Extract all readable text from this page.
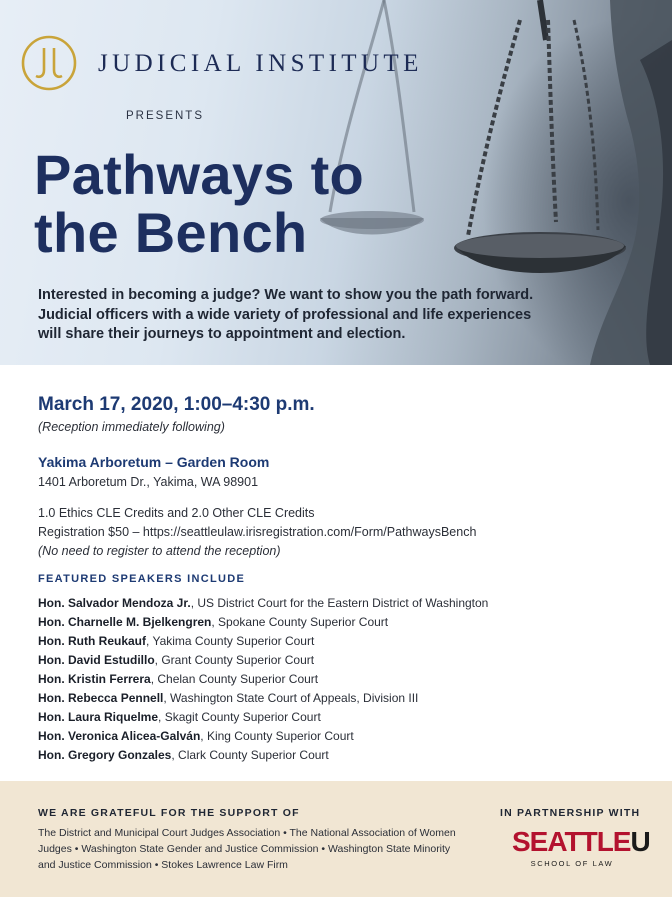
JUDICIAL INSTITUTE
PRESENTS
Pathways to
the Bench

Interested in becoming a judge? We want to show you the path forward. Judicial officers with a wide variety of professional and life experiences will share their journeys to appointment and election.

March 17, 2020, 1:00–4:30 p.m.
(Reception immediately following)
Yakima Arboretum – Garden Room
1401 Arboretum Dr., Yakima, WA 98901
1.0 Ethics CLE Credits and 2.0 Other CLE Credits
Registration $50 – https://seattleulaw.irisregistration.com/Form/PathwaysBench
(No need to register to attend the reception)
FEATURED SPEAKERS INCLUDE
Hon. Salvador Mendoza Jr., US District Court for the Eastern District of Washington
Hon. Charnelle M. Bjelkengren, Spokane County Superior Court
Hon. Ruth Reukauf, Yakima County Superior Court
Hon. David Estudillo, Grant County Superior Court
Hon. Kristin Ferrera, Chelan County Superior Court
Hon. Rebecca Pennell, Washington State Court of Appeals, Division III
Hon. Laura Riquelme, Skagit County Superior Court
Hon. Veronica Alicea-Galván, King County Superior Court
Hon. Gregory Gonzales, Clark County Superior Court
WE ARE GRATEFUL FOR THE SUPPORT OF

The District and Municipal Court Judges Association • The National Association of Women Judges • Washington State Gender and Justice Commission • Washington State Minority and Justice Commission • Stokes Lawrence Law Firm

IN PARTNERSHIP WITH
SEATTLEU
SCHOOL OF LAW
